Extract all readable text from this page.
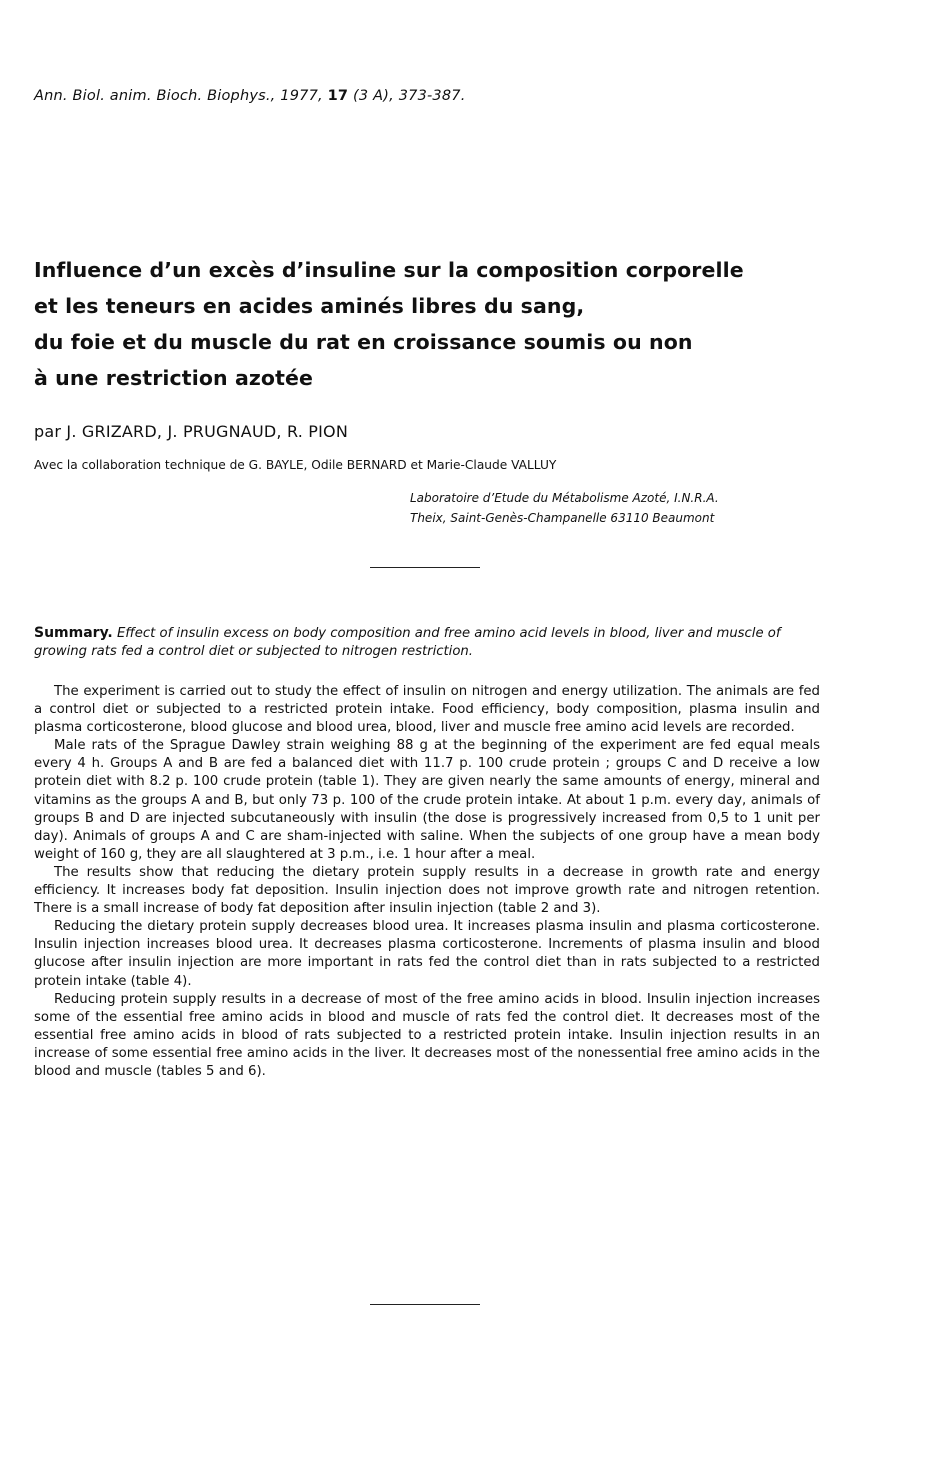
Ann. Biol. anim. Bioch. Biophys., 1977, 17 (3 A), 373-387.
Influence d’un excès d’insuline sur la composition corporelle
et les teneurs en acides aminés libres du sang,
du foie et du muscle du rat en croissance soumis ou non
à une restriction azotée
par J. GRIZARD, J. PRUGNAUD, R. PION
Avec la collaboration technique de G. BAYLE, Odile BERNARD et Marie-Claude VALLUY
Laboratoire d’Etude du Métabolisme Azoté, I.N.R.A.
Theix, Saint-Genès-Champanelle 63110 Beaumont
Summary. Effect of insulin excess on body composition and free amino acid levels in blood, liver and muscle of growing rats fed a control diet or subjected to nitrogen restriction.

The experiment is carried out to study the effect of insulin on nitrogen and energy utilization. The animals are fed a control diet or subjected to a restricted protein intake. Food efficiency, body composition, plasma insulin and plasma corticosterone, blood glucose and blood urea, blood, liver and muscle free amino acid levels are recorded.

Male rats of the Sprague Dawley strain weighing 88 g at the beginning of the experiment are fed equal meals every 4 h. Groups A and B are fed a balanced diet with 11.7 p. 100 crude protein ; groups C and D receive a low protein diet with 8.2 p. 100 crude protein (table 1). They are given nearly the same amounts of energy, mineral and vitamins as the groups A and B, but only 73 p. 100 of the crude protein intake. At about 1 p.m. every day, animals of groups B and D are injected subcutaneously with insulin (the dose is progressively increased from 0,5 to 1 unit per day). Animals of groups A and C are sham-injected with saline. When the subjects of one group have a mean body weight of 160 g, they are all slaughtered at 3 p.m., i.e. 1 hour after a meal.

The results show that reducing the dietary protein supply results in a decrease in growth rate and energy efficiency. It increases body fat deposition. Insulin injection does not improve growth rate and nitrogen retention. There is a small increase of body fat deposition after insulin injection (table 2 and 3).

Reducing the dietary protein supply decreases blood urea. It increases plasma insulin and plasma corticosterone. Insulin injection increases blood urea. It decreases plasma corticosterone. Increments of plasma insulin and blood glucose after insulin injection are more important in rats fed the control diet than in rats subjected to a restricted protein intake (table 4).

Reducing protein supply results in a decrease of most of the free amino acids in blood. Insulin injection increases some of the essential free amino acids in blood and muscle of rats fed the control diet. It decreases most of the essential free amino acids in blood of rats subjected to a restricted protein intake. Insulin injection results in an increase of some essential free amino acids in the liver. It decreases most of the nonessential free amino acids in the blood and muscle (tables 5 and 6).
